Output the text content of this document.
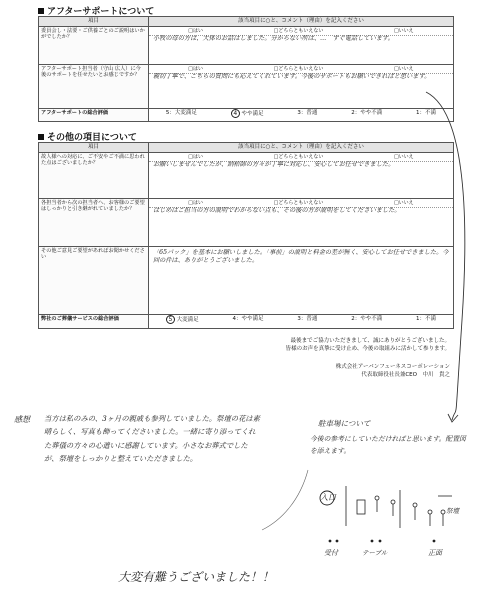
アフターサポートについて
項目	該当項目に○と、コメント（理由）を記入ください
委員会し・法要・ご供養ごとのご説明はいかがでしたか？	□はい □どちらともいえない □いいえ
小牧の母の方は、大体のお話はしました。分からない所は、…　すぐ電話しています。

アフターサポート担当者（守山 広人）に今後のサポートを任せたいとお感じですか？	□はい □どちらともいえない □いいえ
親切丁寧で、こちらの質問にも応えてくれています。今後のサポートもお願いできればと思います。

アフターサポートの総合評価	5：大変満足 4 やや満足 3：普通 2：やや不満 1：不満
その他の項目について
項目	該当項目に○と、コメント（理由）を記入ください
故人様への対応に、ご不安やご不満に思われた点はございましたか？	□はい □どちらともいえない □いいえ
お願いしませんでしたが、納棺師の方々が丁寧に対応し、安心してお任せできました。

各担当者から次の担当者へ、お客様のご要望はしっかりと引き継がれていましたか？	□はい □どちらともいえない □いいえ
はじめはご担当の方の説明でわからない点も、その後の方が説明をしてくださいました。

その他ご意見ご要望があればお聞かせください	「65パック」を基本にお願いしました。「事前」の説明と料金の差が無く、安心してお任せできました。今回の件は、ありがとうございました。

弊社のご葬儀サービスの総合評価	5 大変満足 4：やや満足 3：普通 2：やや不満 1：不満
最後までご協力いただきまして、誠にありがとうございました。
皆様のお声を真摯に受け止め、今後の取組みに活かして参ります。
株式会社アーバンフューネスコーポレーション
代表取締役社長兼CEO　中川　貴之
感想 当方は私のみの、3ヶ月の親戚も参列していました。祭壇の花は素晴らしく、写真も飾ってくださいました。一緒に寄り添ってくれた葬儀の方々の心遣いに感謝しています。小さなお葬式でしたが、祭壇をしっかりと整えていただきました。
駐車場について
今後の参考にしていただければと思います。配置図を添えます。
入口
祭壇
受付	テーブル	正面
大変有難うございました！！
